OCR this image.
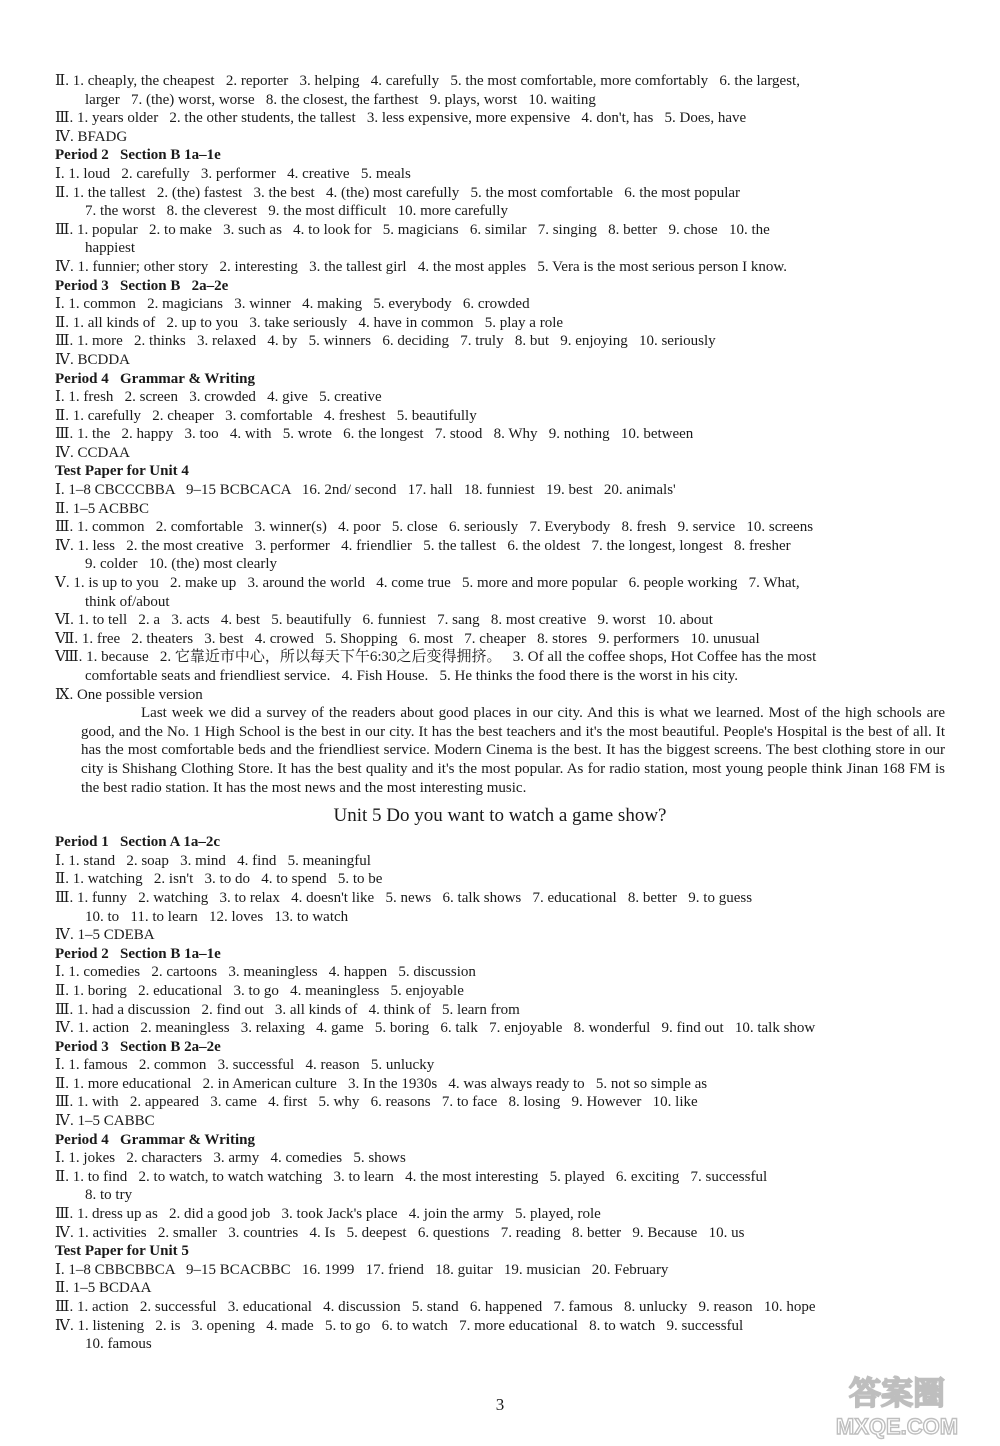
Ⅱ. 1. cheaply, the cheapest   2. reporter   3. helping   4. carefully   5. the most comfortable, more comfortably   6. the largest,
larger   7. (the) worst, worse   8. the closest, the farthest   9. plays, worst   10. waiting
Ⅲ. 1. years older   2. the other students, the tallest   3. less expensive, more expensive   4. don't, has   5. Does, have
Ⅳ. BFADG
Period 2   Section B 1a–1e
Ⅰ. 1. loud   2. carefully   3. performer   4. creative   5. meals
Ⅱ. 1. the tallest   2. (the) fastest   3. the best   4. (the) most carefully   5. the most comfortable   6. the most popular
7. the worst   8. the cleverest   9. the most difficult   10. more carefully
Ⅲ. 1. popular   2. to make   3. such as   4. to look for   5. magicians   6. similar   7. singing   8. better   9. chose   10. the
happiest
Ⅳ. 1. funnier; other story   2. interesting   3. the tallest girl   4. the most apples   5. Vera is the most serious person I know.
Period 3   Section B   2a–2e
Ⅰ. 1. common   2. magicians   3. winner   4. making   5. everybody   6. crowded
Ⅱ. 1. all kinds of   2. up to you   3. take seriously   4. have in common   5. play a role
Ⅲ. 1. more   2. thinks   3. relaxed   4. by   5. winners   6. deciding   7. truly   8. but   9. enjoying   10. seriously
Ⅳ. BCDDA
Period 4   Grammar & Writing
Ⅰ. 1. fresh   2. screen   3. crowded   4. give   5. creative
Ⅱ. 1. carefully   2. cheaper   3. comfortable   4. freshest   5. beautifully
Ⅲ. 1. the   2. happy   3. too   4. with   5. wrote   6. the longest   7. stood   8. Why   9. nothing   10. between
Ⅳ. CCDAA
Test Paper for Unit 4
Ⅰ. 1–8 CBCCCBBA   9–15 BCBCACA   16. 2nd/ second   17. hall   18. funniest   19. best   20. animals'
Ⅱ. 1–5 ACBBC
Ⅲ. 1. common   2. comfortable   3. winner(s)   4. poor   5. close   6. seriously   7. Everybody   8. fresh   9. service   10. screens
Ⅳ. 1. less   2. the most creative   3. performer   4. friendlier   5. the tallest   6. the oldest   7. the longest, longest   8. fresher
9. colder   10. (the) most clearly
Ⅴ. 1. is up to you   2. make up   3. around the world   4. come true   5. more and more popular   6. people working   7. What,
think of/about
Ⅵ. 1. to tell   2. a   3. acts   4. best   5. beautifully   6. funniest   7. sang   8. most creative   9. worst   10. about
Ⅶ. 1. free   2. theaters   3. best   4. crowed   5. Shopping   6. most   7. cheaper   8. stores   9. performers   10. unusual
Ⅷ. 1. because   2. 它靠近市中心，所以每天下午6:30之后变得拥挤。   3. Of all the coffee shops, Hot Coffee has the most
comfortable seats and friendliest service.   4. Fish House.   5. He thinks the food there is the worst in his city.
Ⅸ. One possible version
Last week we did a survey of the readers about good places in our city. And this is what we learned. Most of the high schools are good, and the No. 1 High School is the best in our city. It has the best teachers and it's the most beautiful. People's Hospital is the best of all. It has the most comfortable beds and the friendliest service. Modern Cinema is the best. It has the biggest screens. The best clothing store in our city is Shishang Clothing Store. It has the best quality and it's the most popular. As for radio station, most young people think Jinan 168 FM is the best radio station. It has the most news and the most interesting music.
Unit 5 Do you want to watch a game show?
Period 1   Section A 1a–2c
Ⅰ. 1. stand   2. soap   3. mind   4. find   5. meaningful
Ⅱ. 1. watching   2. isn't   3. to do   4. to spend   5. to be
Ⅲ. 1. funny   2. watching   3. to relax   4. doesn't like   5. news   6. talk shows   7. educational   8. better   9. to guess
10. to   11. to learn   12. loves   13. to watch
Ⅳ. 1–5 CDEBA
Period 2   Section B 1a–1e
Ⅰ. 1. comedies   2. cartoons   3. meaningless   4. happen   5. discussion
Ⅱ. 1. boring   2. educational   3. to go   4. meaningless   5. enjoyable
Ⅲ. 1. had a discussion   2. find out   3. all kinds of   4. think of   5. learn from
Ⅳ. 1. action   2. meaningless   3. relaxing   4. game   5. boring   6. talk   7. enjoyable   8. wonderful   9. find out   10. talk show
Period 3   Section B 2a–2e
Ⅰ. 1. famous   2. common   3. successful   4. reason   5. unlucky
Ⅱ. 1. more educational   2. in American culture   3. In the 1930s   4. was always ready to   5. not so simple as
Ⅲ. 1. with   2. appeared   3. came   4. first   5. why   6. reasons   7. to face   8. losing   9. However   10. like
Ⅳ. 1–5 CABBC
Period 4   Grammar & Writing
Ⅰ. 1. jokes   2. characters   3. army   4. comedies   5. shows
Ⅱ. 1. to find   2. to watch, to watch watching   3. to learn   4. the most interesting   5. played   6. exciting   7. successful
8. to try
Ⅲ. 1. dress up as   2. did a good job   3. took Jack's place   4. join the army   5. played, role
Ⅳ. 1. activities   2. smaller   3. countries   4. Is   5. deepest   6. questions   7. reading   8. better   9. Because   10. us
Test Paper for Unit 5
Ⅰ. 1–8 CBBCBBCA   9–15 BCACBBC   16. 1999   17. friend   18. guitar   19. musician   20. February
Ⅱ. 1–5 BCDAA
Ⅲ. 1. action   2. successful   3. educational   4. discussion   5. stand   6. happened   7. famous   8. unlucky   9. reason   10. hope
Ⅳ. 1. listening   2. is   3. opening   4. made   5. to go   6. to watch   7. more educational   8. to watch   9. successful
10. famous
3	答案圈
MXQE.COM
